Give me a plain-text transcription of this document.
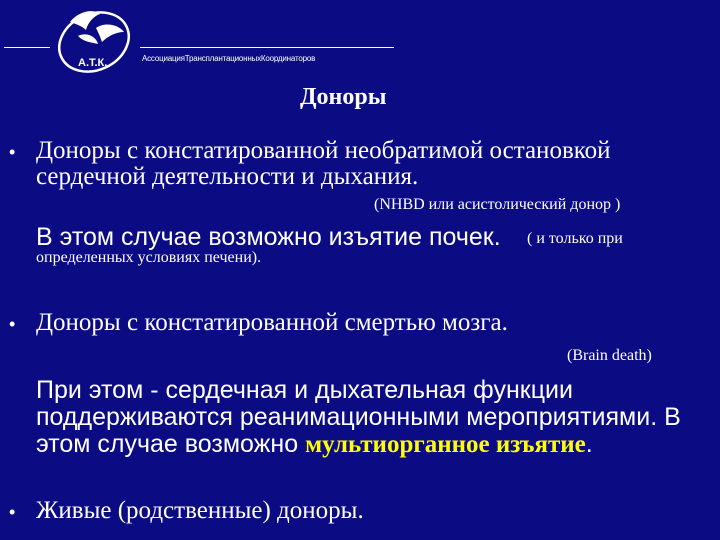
А.Т.К.	АссоциацияТрансплантационныхКоординаторов
Доноры
• Доноры с констатированной необратимой остановкой
сердечной деятельности и дыхания.
(NHBD или асистолический донор )
В этом случае возможно изъятие почек. ( и только при
определенных условиях печени).
• Доноры с констатированной смертью мозга.
(Brain death)
При этом - сердечная и дыхательная функции
поддерживаются реанимационными мероприятиями. В
этом случае возможно мультиорганное изъятие.
• Живые (родственные) доноры.
